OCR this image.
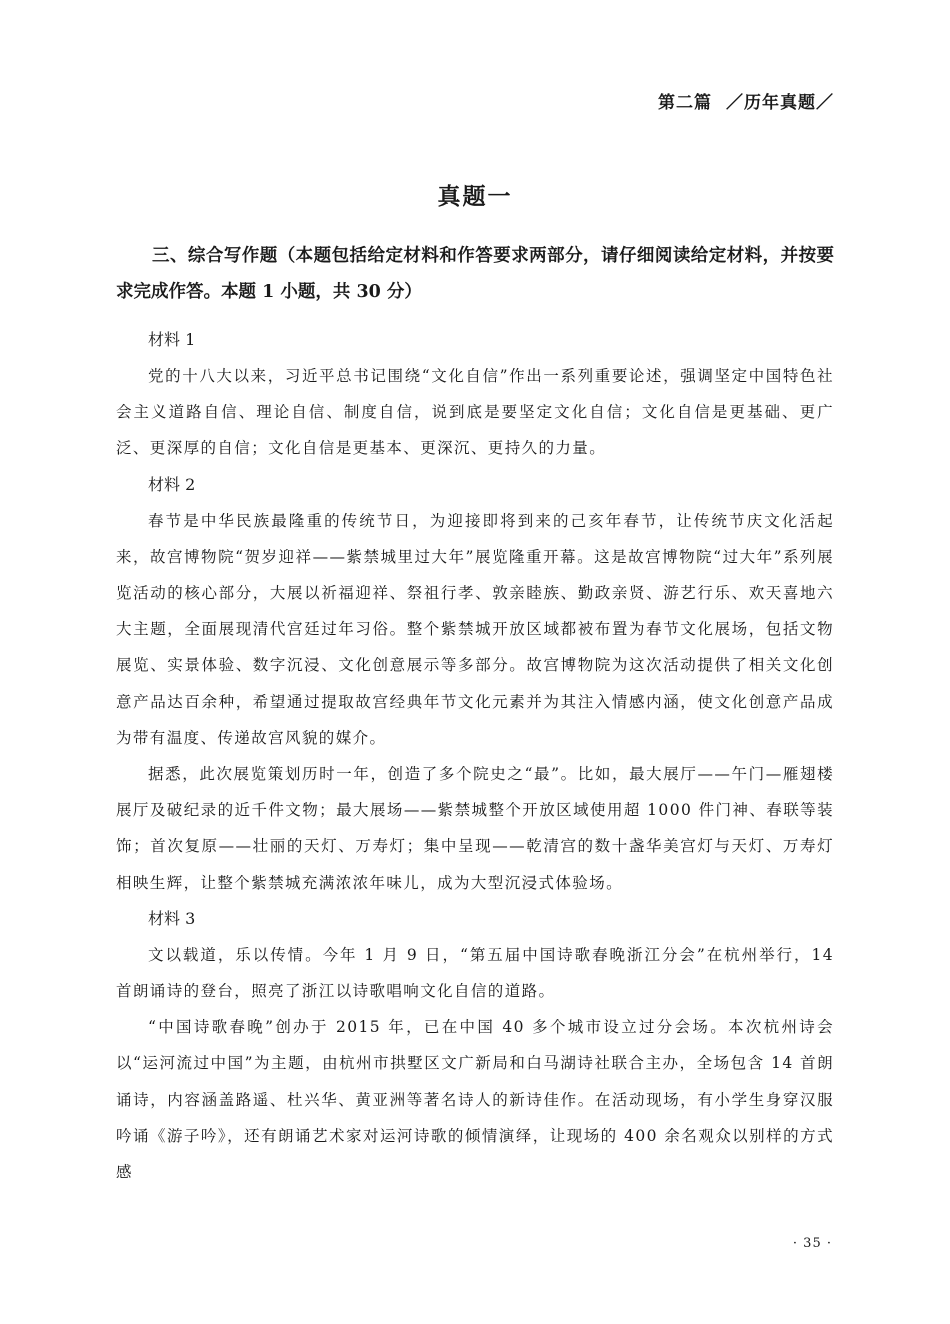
第二篇 ／历年真题／
真题一

三、综合写作题（本题包括给定材料和作答要求两部分，请仔细阅读给定材料，并按要求完成作答。本题 1 小题，共 30 分）

材料 1

党的十八大以来，习近平总书记围绕“文化自信”作出一系列重要论述，强调坚定中国特色社会主义道路自信、理论自信、制度自信，说到底是要坚定文化自信；文化自信是更基础、更广泛、更深厚的自信；文化自信是更基本、更深沉、更持久的力量。

材料 2

春节是中华民族最隆重的传统节日，为迎接即将到来的己亥年春节，让传统节庆文化活起来，故宫博物院“贺岁迎祥——紫禁城里过大年”展览隆重开幕。这是故宫博物院“过大年”系列展览活动的核心部分，大展以祈福迎祥、祭祖行孝、敦亲睦族、勤政亲贤、游艺行乐、欢天喜地六大主题，全面展现清代宫廷过年习俗。整个紫禁城开放区域都被布置为春节文化展场，包括文物展览、实景体验、数字沉浸、文化创意展示等多部分。故宫博物院为这次活动提供了相关文化创意产品达百余种，希望通过提取故宫经典年节文化元素并为其注入情感内涵，使文化创意产品成为带有温度、传递故宫风貌的媒介。

据悉，此次展览策划历时一年，创造了多个院史之“最”。比如，最大展厅——午门—雁翅楼展厅及破纪录的近千件文物；最大展场——紫禁城整个开放区域使用超 1000 件门神、春联等装饰；首次复原——壮丽的天灯、万寿灯；集中呈现——乾清宫的数十盏华美宫灯与天灯、万寿灯相映生辉，让整个紫禁城充满浓浓年味儿，成为大型沉浸式体验场。

材料 3

文以载道，乐以传情。今年 1 月 9 日，“第五届中国诗歌春晚浙江分会”在杭州举行，14 首朗诵诗的登台，照亮了浙江以诗歌唱响文化自信的道路。

“中国诗歌春晚”创办于 2015 年，已在中国 40 多个城市设立过分会场。本次杭州诗会以“运河流过中国”为主题，由杭州市拱墅区文广新局和白马湖诗社联合主办，全场包含 14 首朗诵诗，内容涵盖路遥、杜兴华、黄亚洲等著名诗人的新诗佳作。在活动现场，有小学生身穿汉服吟诵《游子吟》，还有朗诵艺术家对运河诗歌的倾情演绎，让现场的 400 余名观众以别样的方式感

· 35 ·
